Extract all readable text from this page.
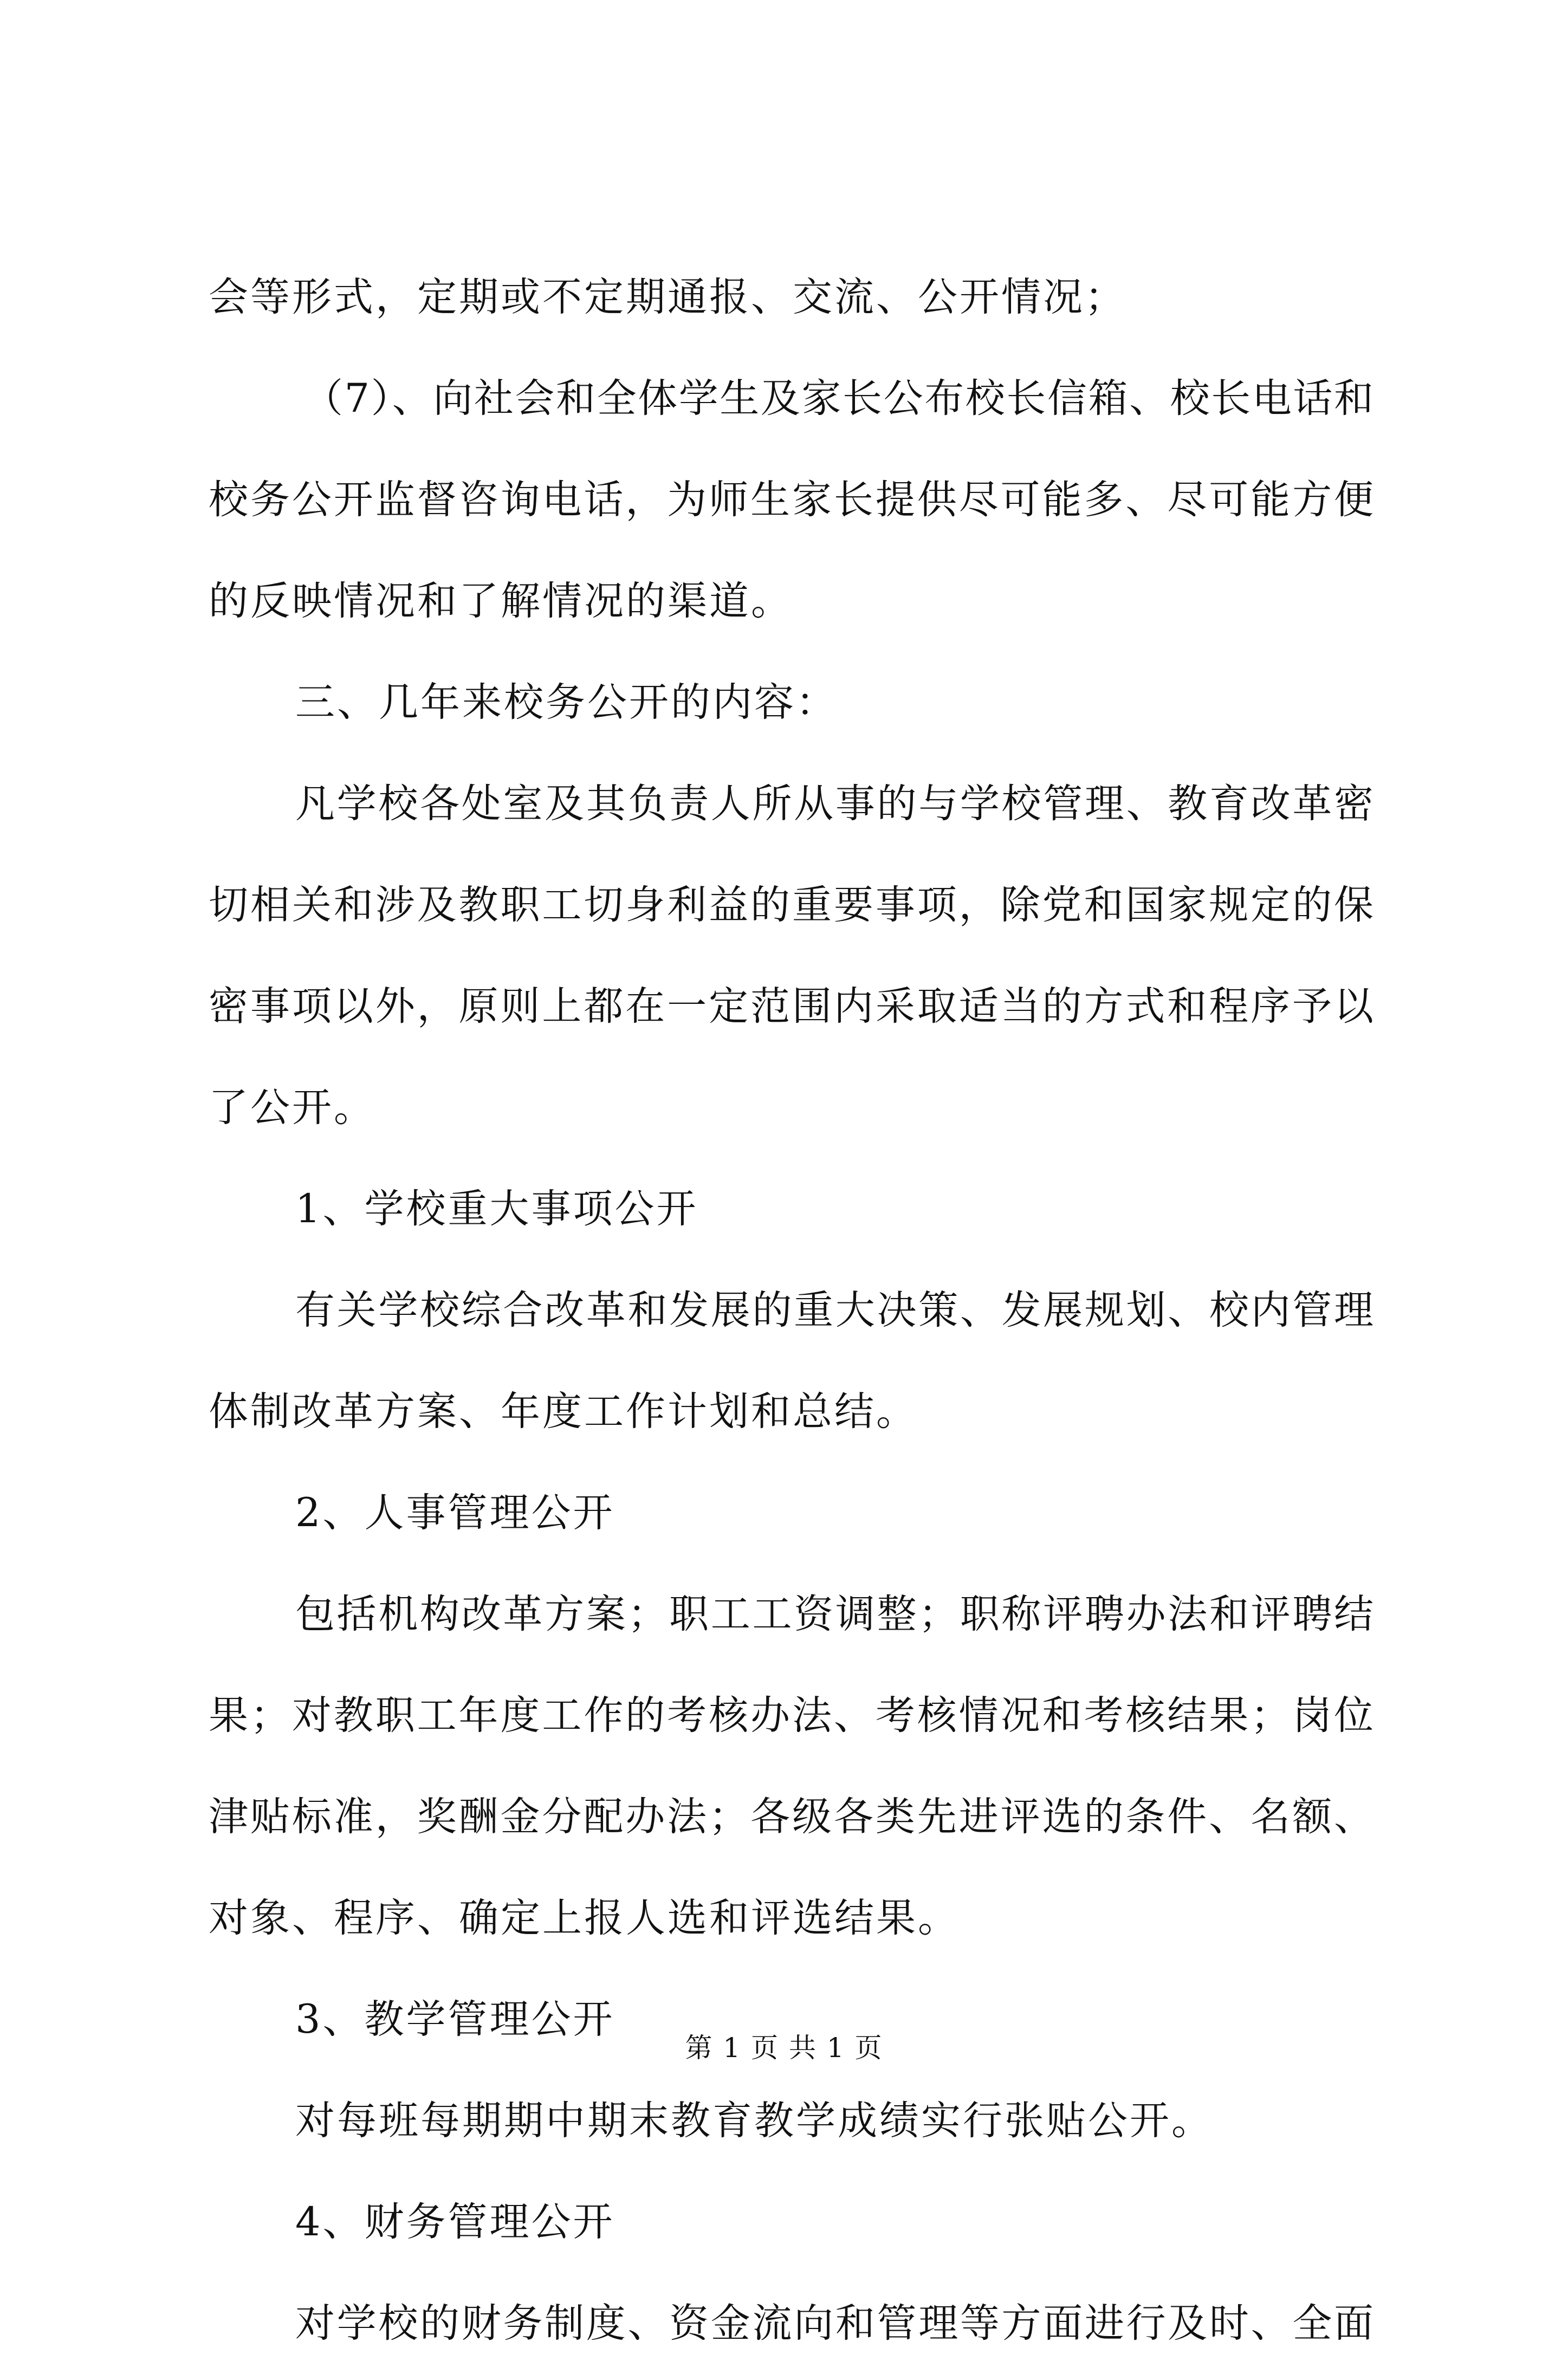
会等形式，定期或不定期通报、交流、公开情况；
（7）、向社会和全体学生及家长公布校长信箱、校长电话和
校务公开监督咨询电话，为师生家长提供尽可能多、尽可能方便
的反映情况和了解情况的渠道。
三、几年来校务公开的内容：
凡学校各处室及其负责人所从事的与学校管理、教育改革密
切相关和涉及教职工切身利益的重要事项，除党和国家规定的保
密事项以外，原则上都在一定范围内采取适当的方式和程序予以
了公开。
1、学校重大事项公开
有关学校综合改革和发展的重大决策、发展规划、校内管理
体制改革方案、年度工作计划和总结。
2、人事管理公开
包括机构改革方案；职工工资调整；职称评聘办法和评聘结
果；对教职工年度工作的考核办法、考核情况和考核结果；岗位
津贴标准，奖酬金分配办法；各级各类先进评选的条件、名额、
对象、程序、确定上报人选和评选结果。
3、教学管理公开
对每班每期期中期末教育教学成绩实行张贴公开。
4、财务管理公开
对学校的财务制度、资金流向和管理等方面进行及时、全面
第 1 页 共 1 页
